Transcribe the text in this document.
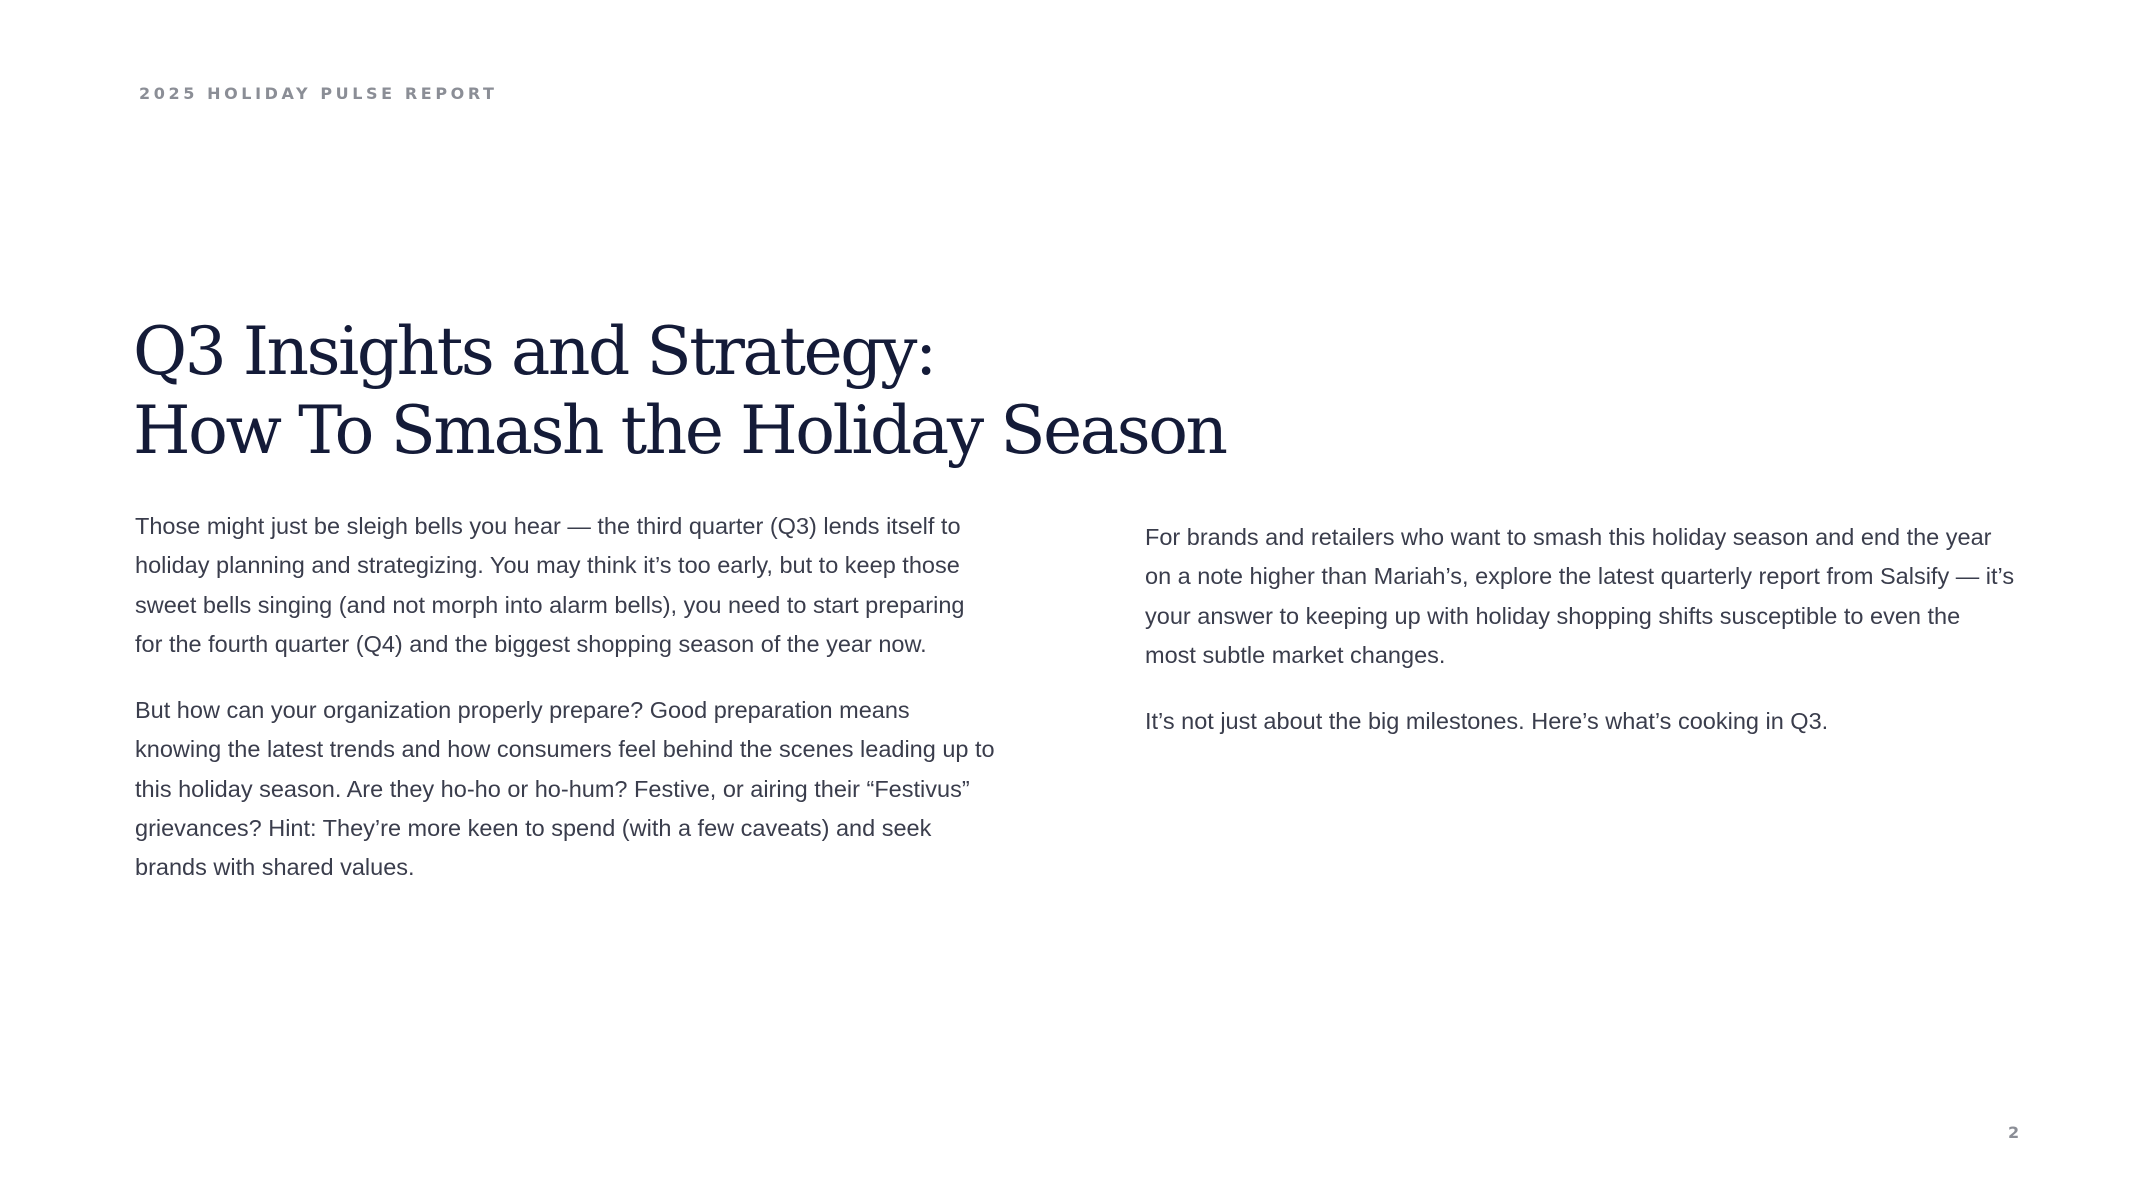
2025 HOLIDAY PULSE REPORT

Q3 Insights and Strategy:
How To Smash the Holiday Season

Those might just be sleigh bells you hear — the third quarter (Q3) lends itself to holiday planning and strategizing. You may think it’s too early, but to keep those sweet bells singing (and not morph into alarm bells), you need to start preparing for the fourth quarter (Q4) and the biggest shopping season of the year now.

But how can your organization properly prepare? Good preparation means knowing the latest trends and how consumers feel behind the scenes leading up to this holiday season. Are they ho-ho or ho-hum? Festive, or airing their “Festivus” grievances? Hint: They’re more keen to spend (with a few caveats) and seek brands with shared values.

For brands and retailers who want to smash this holiday season and end the year on a note higher than Mariah’s, explore the latest quarterly report from Salsify — it’s your answer to keeping up with holiday shopping shifts susceptible to even the most subtle market changes.

It’s not just about the big milestones. Here’s what’s cooking in Q3.

2
